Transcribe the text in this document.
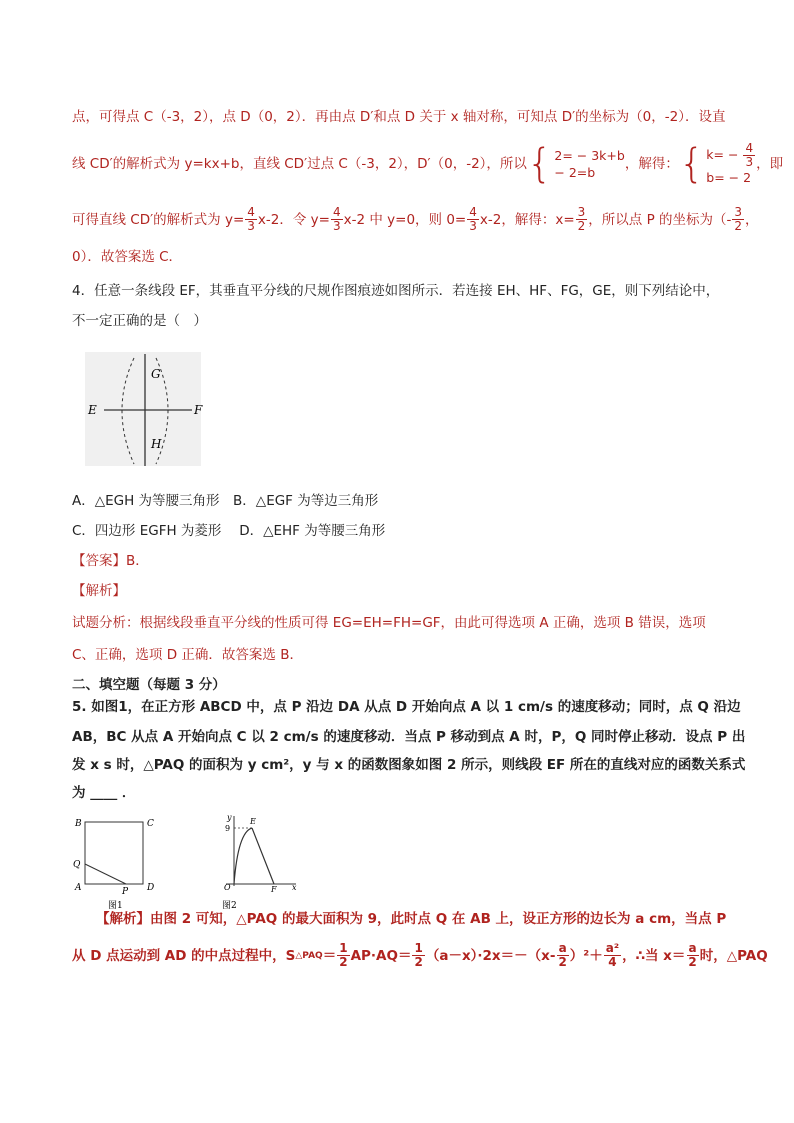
点，可得点 C（-3，2），点 D（0，2）．再由点 D′和点 D 关于 x 轴对称，可知点 D′的坐标为（0，-2）．设直
线 CD′的解析式为 y=kx+b，直线 CD′过点 C（-3，2），D′（0，-2），所以 { 2= − 3k+b
− 2=b
，解得： { $k= - \frac{4}{3}$
b= − 2
，即
可得直线 CD′的解析式为 $y= \frac{4}{3} x-2$．令 $y= \frac{4}{3} x-2$ 中 y=0，则 $0= \frac{4}{3} x-2$，解得：$x= \frac{3}{2}$ ，所以点 P 的坐标为（- $\frac{3}{2}$ ，
0）．故答案选 C．
4．任意一条线段 EF，其垂直平分线的尺规作图痕迹如图所示．若连接 EH、HF、FG，GE，则下列结论中，
不一定正确的是（　）
E	F
G
H
A．△EGH 为等腰三角形　B．△EGF 为等边三角形
C．四边形 EGFH 为菱形　 D．△EHF 为等腰三角形
【答案】B．
【解析】
试题分析：根据线段垂直平分线的性质可得 EG=EH=FH=GF，由此可得选项 A 正确，选项 B 错误，选项
C、正确，选项 D 正确．故答案选 B．
二、填空题（每题 3 分）
5. 如图1，在正方形 ABCD 中，点 P 沿边 DA 从点 D 开始向点 A 以 1 cm/s 的速度移动；同时，点 Q 沿边
AB，BC 从点 A 开始向点 C 以 2 cm/s 的速度移动．当点 P 移动到点 A 时，P，Q 同时停止移动．设点 P 出
发 x s 时，△PAQ 的面积为 y cm²，y 与 x 的函数图象如图 2 所示，则线段 EF 所在的直线对应的函数关系式
为 ____ ．
B	C
Q
A	P D
图1
y
9
E
O	F x
图2
【解析】由图 2 可知，△PAQ 的最大面积为 9，此时点 Q 在 AB 上，设正方形的边长为 a cm，当点 P
从 D 点运动到 AD 的中点过程中，S △PAQ ＝ $\frac{1}{2} AP\cdot AQ= \frac{1}{2} (a-x)\cdot 2x=-(x- \frac{a}{2} )^2+ \frac{\text{a²}}{4}$ ，∴当 $x= \frac{a}{2}$ 时，△PAQ
